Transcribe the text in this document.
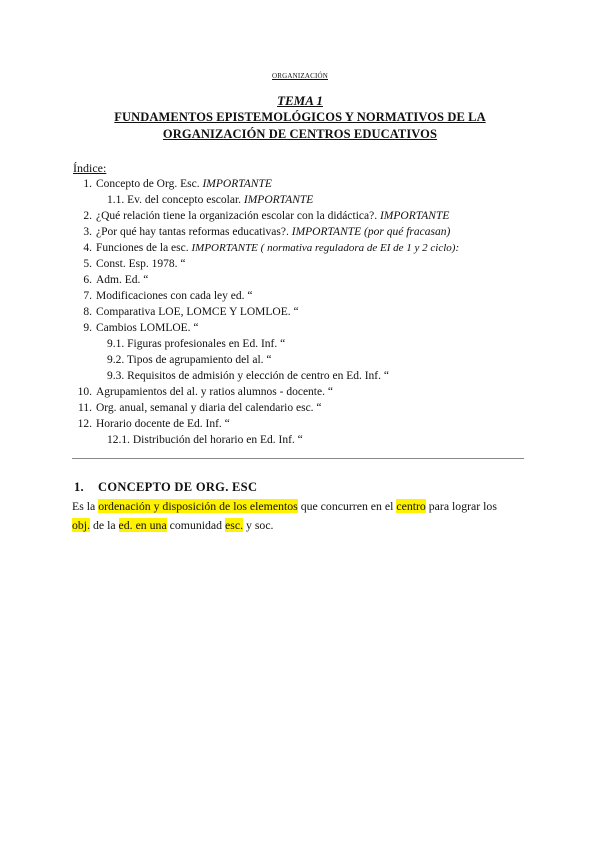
ORGANIZACIÓN
TEMA 1
FUNDAMENTOS EPISTEMOLÓGICOS Y NORMATIVOS DE LA
ORGANIZACIÓN DE CENTROS EDUCATIVOS
Índice:
1. Concepto de Org. Esc. IMPORTANTE
1.1. Ev. del concepto escolar. IMPORTANTE
2. ¿Qué relación tiene la organización escolar con la didáctica?. IMPORTANTE
3. ¿Por qué hay tantas reformas educativas?. IMPORTANTE (por qué fracasan)
4. Funciones de la esc. IMPORTANTE ( normativa reguladora de EI de 1 y 2 ciclo):
5. Const. Esp. 1978. “
6. Adm. Ed. “
7. Modificaciones con cada ley ed. “
8. Comparativa LOE, LOMCE Y LOMLOE. “
9. Cambios LOMLOE. “
9.1. Figuras profesionales en Ed. Inf. “
9.2. Tipos de agrupamiento del al. “
9.3. Requisitos de admisión y elección de centro en Ed. Inf. “
10. Agrupamientos del al. y ratios alumnos - docente. “
11. Org. anual, semanal y diaria del calendario esc. “
12. Horario docente de Ed. Inf. “
12.1. Distribución del horario en Ed. Inf. “
1. CONCEPTO DE ORG. ESC
Es la ordenación y disposición de los elementos que concurren en el centro para lograr los
obj. de la ed. en una comunidad esc. y soc.
